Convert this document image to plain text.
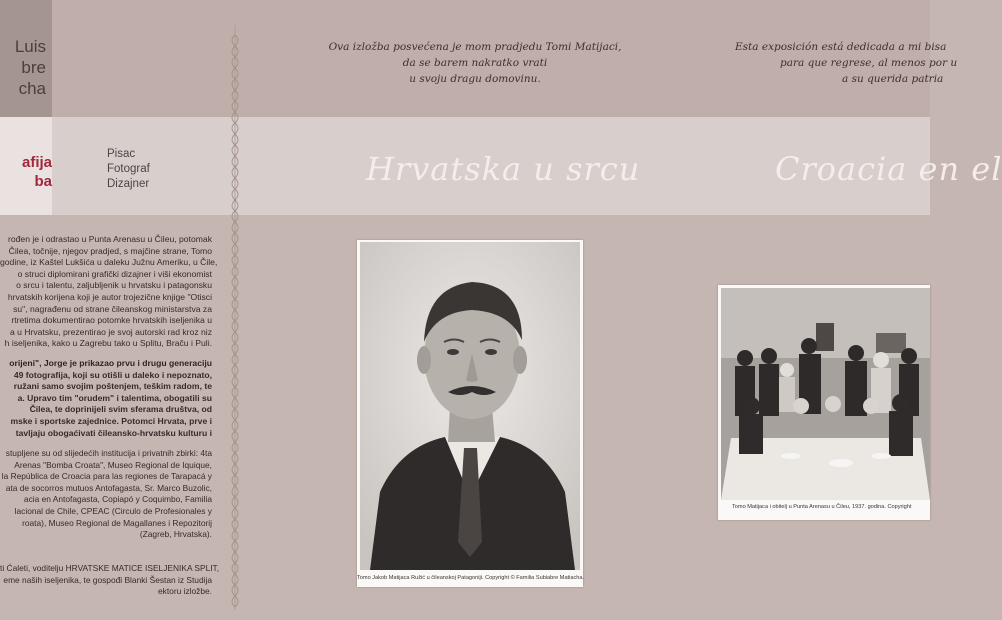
Luis
bre
cha
afija
ba
Pisac
Fotograf
Dizajner
Ova izložba posvećena je mom pradjedu Tomi Matijaci,
da se barem nakratko vrati
u svoju dragu domovinu.
Esta exposición está dedicada a mi bisa
para que regrese, al menos por u
a su querida patria
Hrvatska u srcu	Croacia en el
rođen je i odrastao u Punta Arenasu u Čileu, potomak
Čilea, točnije, njegov pradjed, s majčine strane, Tomo
godine, iz Kaštel Lukšića u daleku Južnu Ameriku, u Čile,
o struci diplomirani grafički dizajner i viši ekonomist
o srcu i talentu, zaljubljenik u hrvatsku i patagonsku
hrvatskih korijena koji je autor trojezične knjige "Otisci
su", nagrađenu od strane čileanskog ministarstva za
rtretima dokumentirao potomke hrvatskih iseljenika u
a u Hrvatsku, prezentirao je svoj autorski rad kroz niz
h iseljenika, kako u Zagrebu tako u Splitu, Braču i Puli.
orijeni", Jorge je prikazao prvu i drugu generaciju
49 fotografija, koji su otišli u daleko i nepoznato,
ružani samo svojim poštenjem, teškim radom, te
a. Upravo tim "orudem" i talentima, obogatili su
Čilea, te doprinijeli svim sferama društva, od
mske i sportske zajednice. Potomci Hrvata, prve i
tavljaju obogaćivati čileansko-hrvatsku kulturu i
stupljene su od slijedećih institucija i privatnih zbirki: 4ta
Arenas "Bomba Croata", Museo Regional de Iquique,
la República de Croacia para las regiones de Tarapacá y
ata de socorros mutuos Antofagasta, Sr. Marco Buzolic,
acia en Antofagasta, Copiapó y Coquimbo, Familia
lacional de Chile, CPEAC (Circulo de Profesionales y
roata), Museo Regional de Magallanes i Repozitorij
(Zagreb, Hrvatska).
ti Ćaleti, voditelju HRVATSKE MATICE ISELJENIKA SPLIT,
eme naših iseljenika, te gospođi Blanki Šestan iz Studija
ektoru izložbe.
Tomo Jakob Matijaca Ružić u čileanskoj Patagoniji. Copyright © Familia Subiabre Matiacha.
Tomo Matijaca i obitelj u Punta Arenasu u Čileu, 1937. godina. Copyright
